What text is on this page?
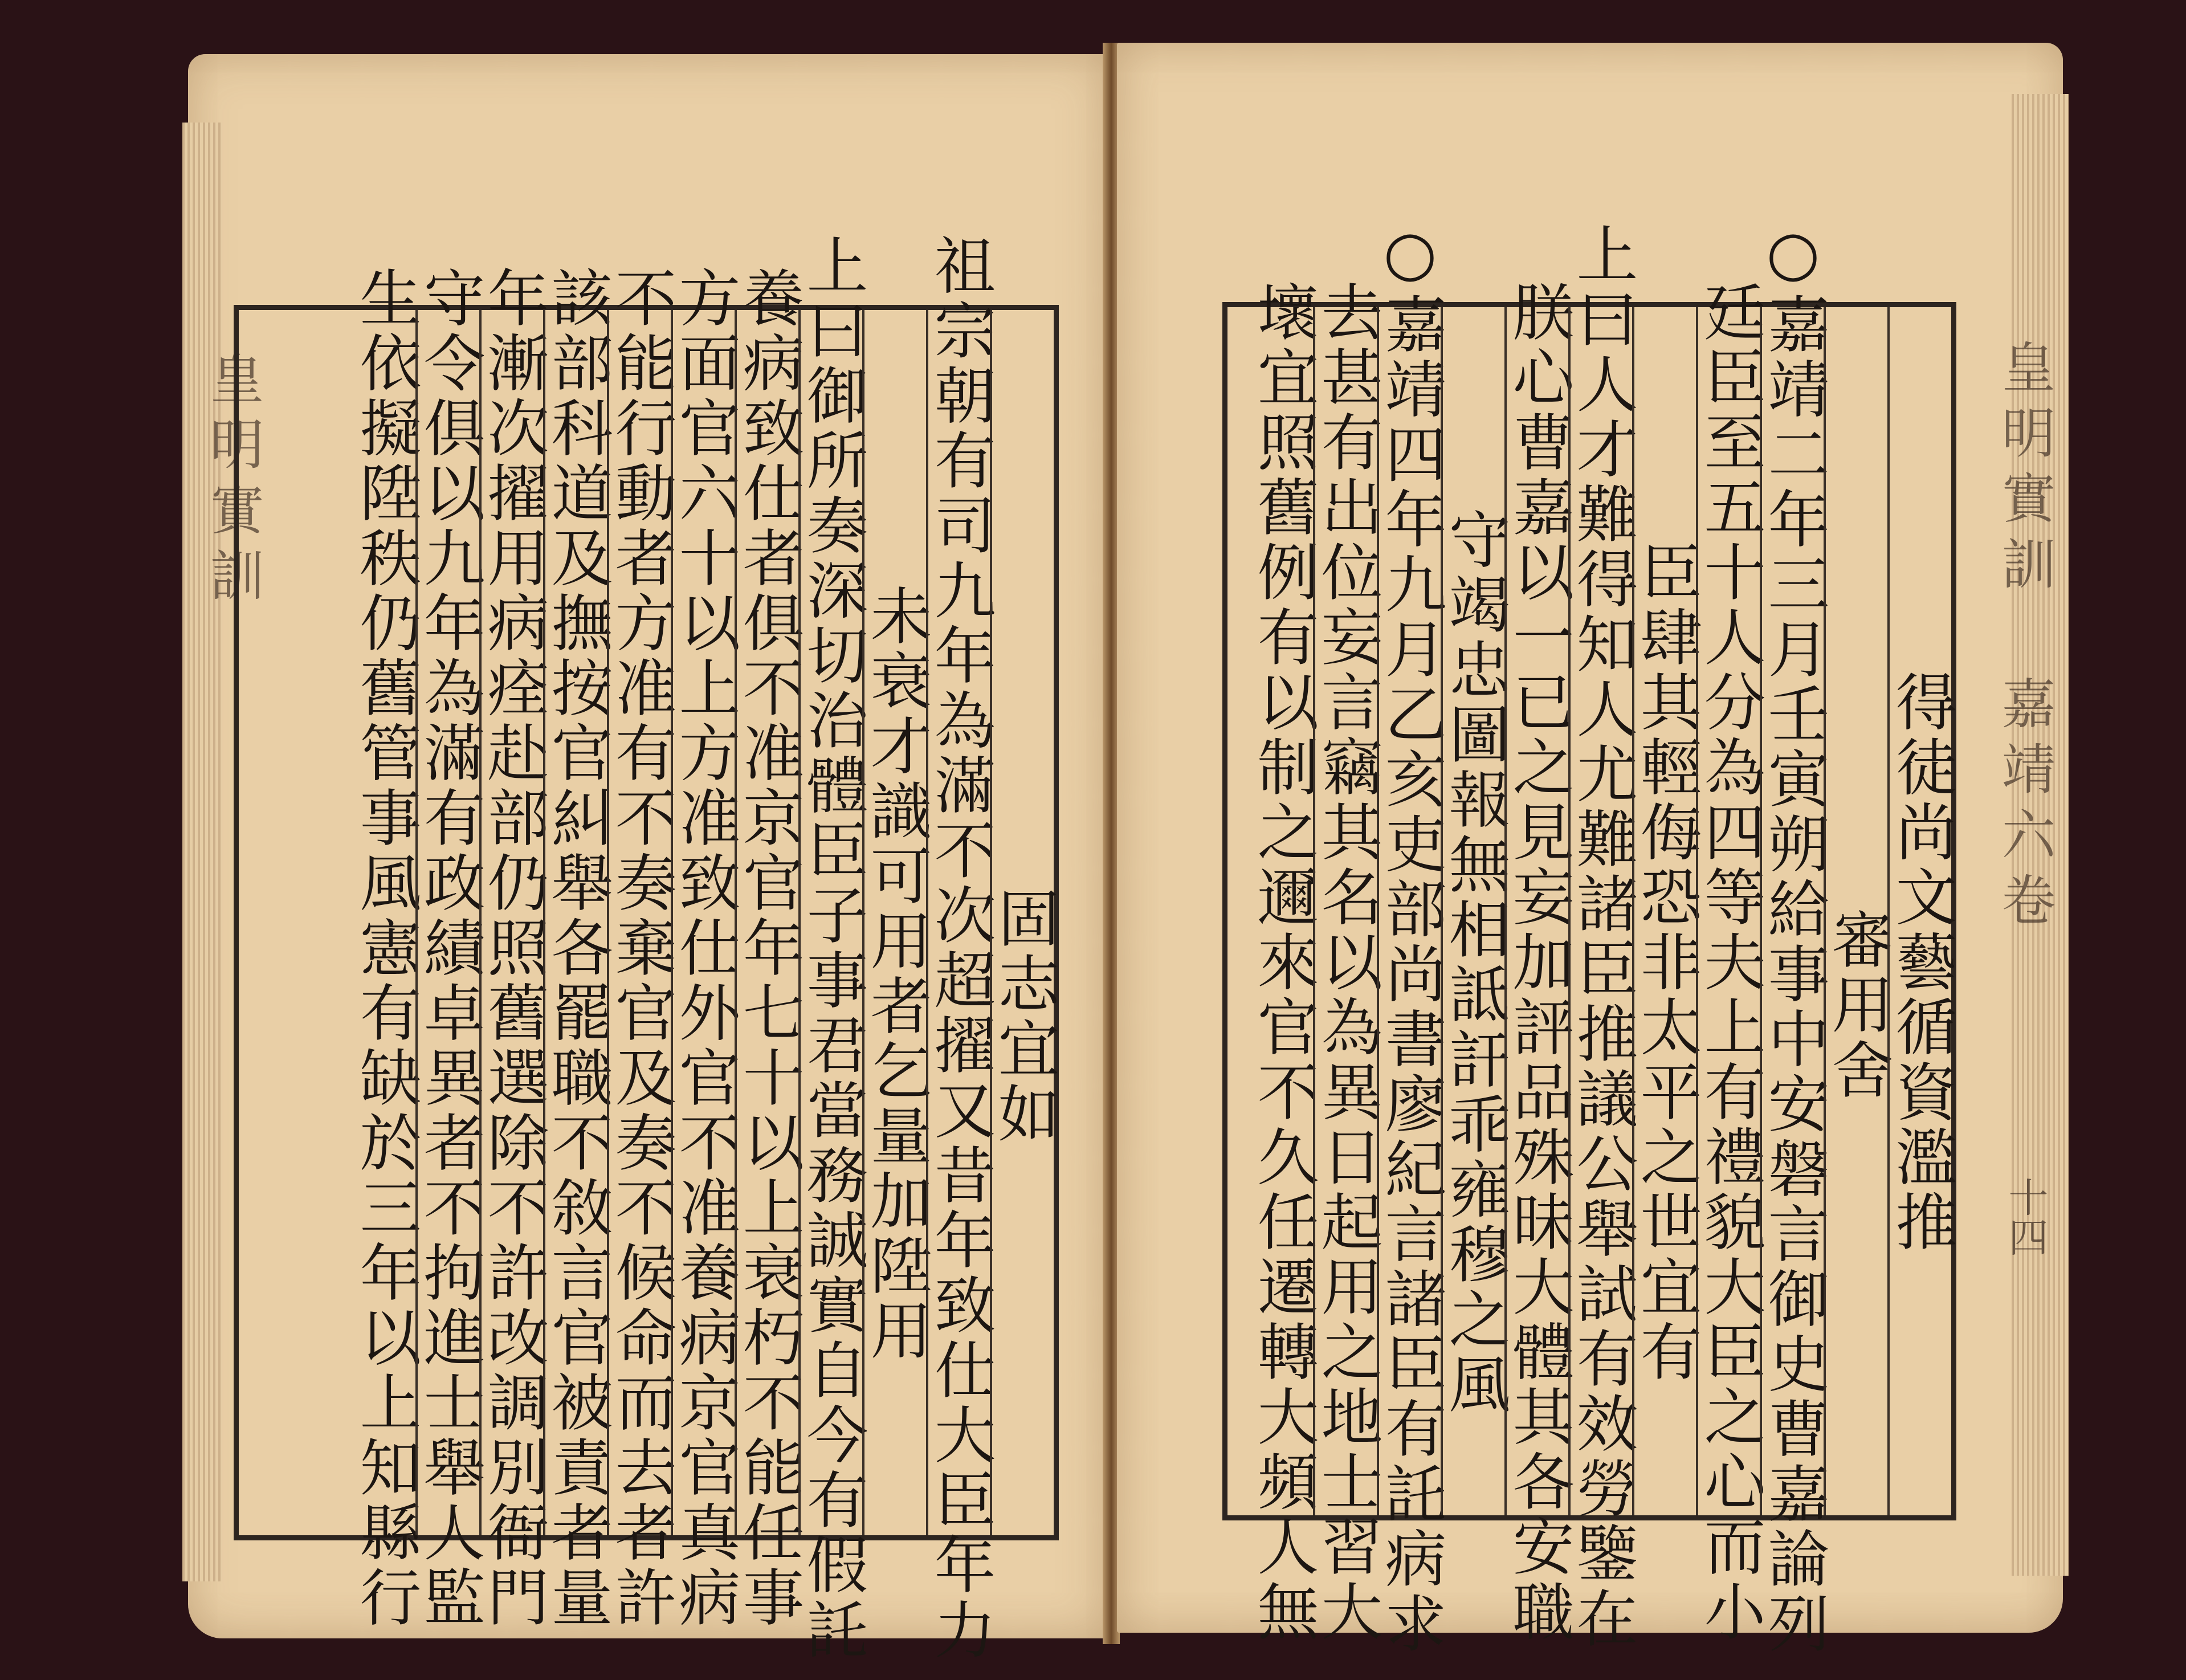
皇明實訓
固志宜如
祖宗朝有司九年為滿不次超擢又昔年致仕大臣年力
未衰才識可用者乞量加陞用
上曰御所奏深切治體臣子事君當務誠實自今有假託
養病致仕者俱不准京官年七十以上衰朽不能任事
方面官六十以上方准致仕外官不准養病京官真病
不能行動者方准有不奏棄官及奏不候命而去者許
該部科道及撫按官糾舉各罷職不敘言官被責者量
年漸次擢用病痊赴部仍照舊選除不許改調別衙門
守令俱以九年為滿有政績卓異者不拘進士舉人監
生依擬陞秩仍舊管事風憲有缺於三年以上知縣行	皇明實訓 嘉靖六卷
十四
得徒尚文藝循資濫推
審用舍
○嘉靖二年三月壬寅朔給事中安磐言御史曹嘉論列
廷臣至五十人分為四等夫上有禮貌大臣之心而小
臣肆其輕侮恐非太平之世宜有
上曰人才難得知人尤難諸臣推議公舉試有效勞鑒在
朕心曹嘉以一已之見妄加評品殊昧大體其各安職
守竭忠圖報無相詆訐乖雍穆之風
○嘉靖四年九月乙亥吏部尚書廖紀言諸臣有託病求
去甚有出位妄言竊其名以為異日起用之地士習大
壞宜照舊例有以制之邇來官不久任遷轉大頻人無
